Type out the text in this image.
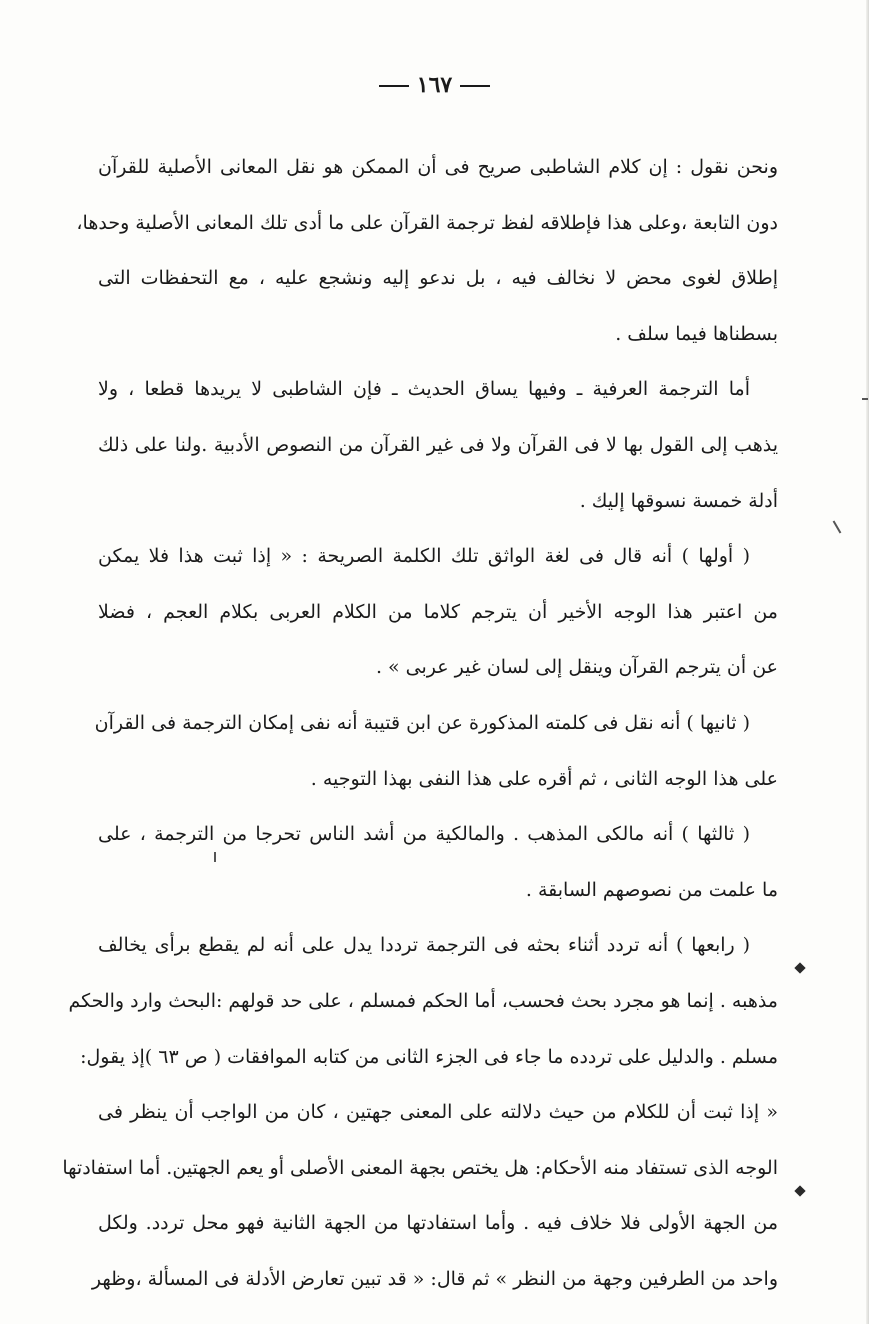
١٦٧
ونحن نقول : إن كلام الشاطبى صريح فى أن الممكن هو نقل المعانى الأصلية للقرآن
دون التابعة ،وعلى هذا فإطلاقه لفظ ترجمة القرآن على ما أدى تلك المعانى الأصلية وحدها،
إطلاق لغوى محض لا نخالف فيه ، بل ندعو إليه ونشجع عليه ، مع التحفظات التى
بسطناها فيما سلف .
أما الترجمة العرفية ـ وفيها يساق الحديث ـ فإن الشاطبى لا يريدها قطعا ، ولا
يذهب إلى القول بها لا فى القرآن ولا فى غير القرآن من النصوص الأدبية .ولنا على ذلك
أدلة خمسة نسوقها إليك .
( أولها ) أنه قال فى لغة الواثق تلك الكلمة الصريحة : « إذا ثبت هذا فلا يمكن
من اعتبر هذا الوجه الأخير أن يترجم كلاما من الكلام العربى بكلام العجم ، فضلا
عن أن يترجم القرآن وينقل إلى لسان غير عربى » .
( ثانيها ) أنه نقل فى كلمته المذكورة عن ابن قتيبة أنه نفى إمكان الترجمة فى القرآن
على هذا الوجه الثانى ، ثم أقره على هذا النفى بهذا التوجيه .
( ثالثها ) أنه مالكى المذهب . والمالكية من أشد الناس تحرجا من الترجمة ، على
ما علمت من نصوصهم السابقة .
( رابعها ) أنه تردد أثناء بحثه فى الترجمة ترددا يدل على أنه لم يقطع برأى يخالف
مذهبه . إنما هو مجرد بحث فحسب، أما الحكم فمسلم ، على حد قولهم :البحث وارد والحكم
مسلم . والدليل على تردده ما جاء فى الجزء الثانى من كتابه الموافقات ( ص ٦٣ )إذ يقول:
« إذا ثبت أن للكلام من حيث دلالته على المعنى جهتين ، كان من الواجب أن ينظر فى
الوجه الذى تستفاد منه الأحكام: هل يختص بجهة المعنى الأصلى أو يعم الجهتين. أما استفادتها
من الجهة الأولى فلا خلاف فيه . وأما استفادتها من الجهة الثانية فهو محل تردد. ولكل
واحد من الطرفين وجهة من النظر » ثم قال: « قد تبين تعارض الأدلة فى المسألة ،وظهر
